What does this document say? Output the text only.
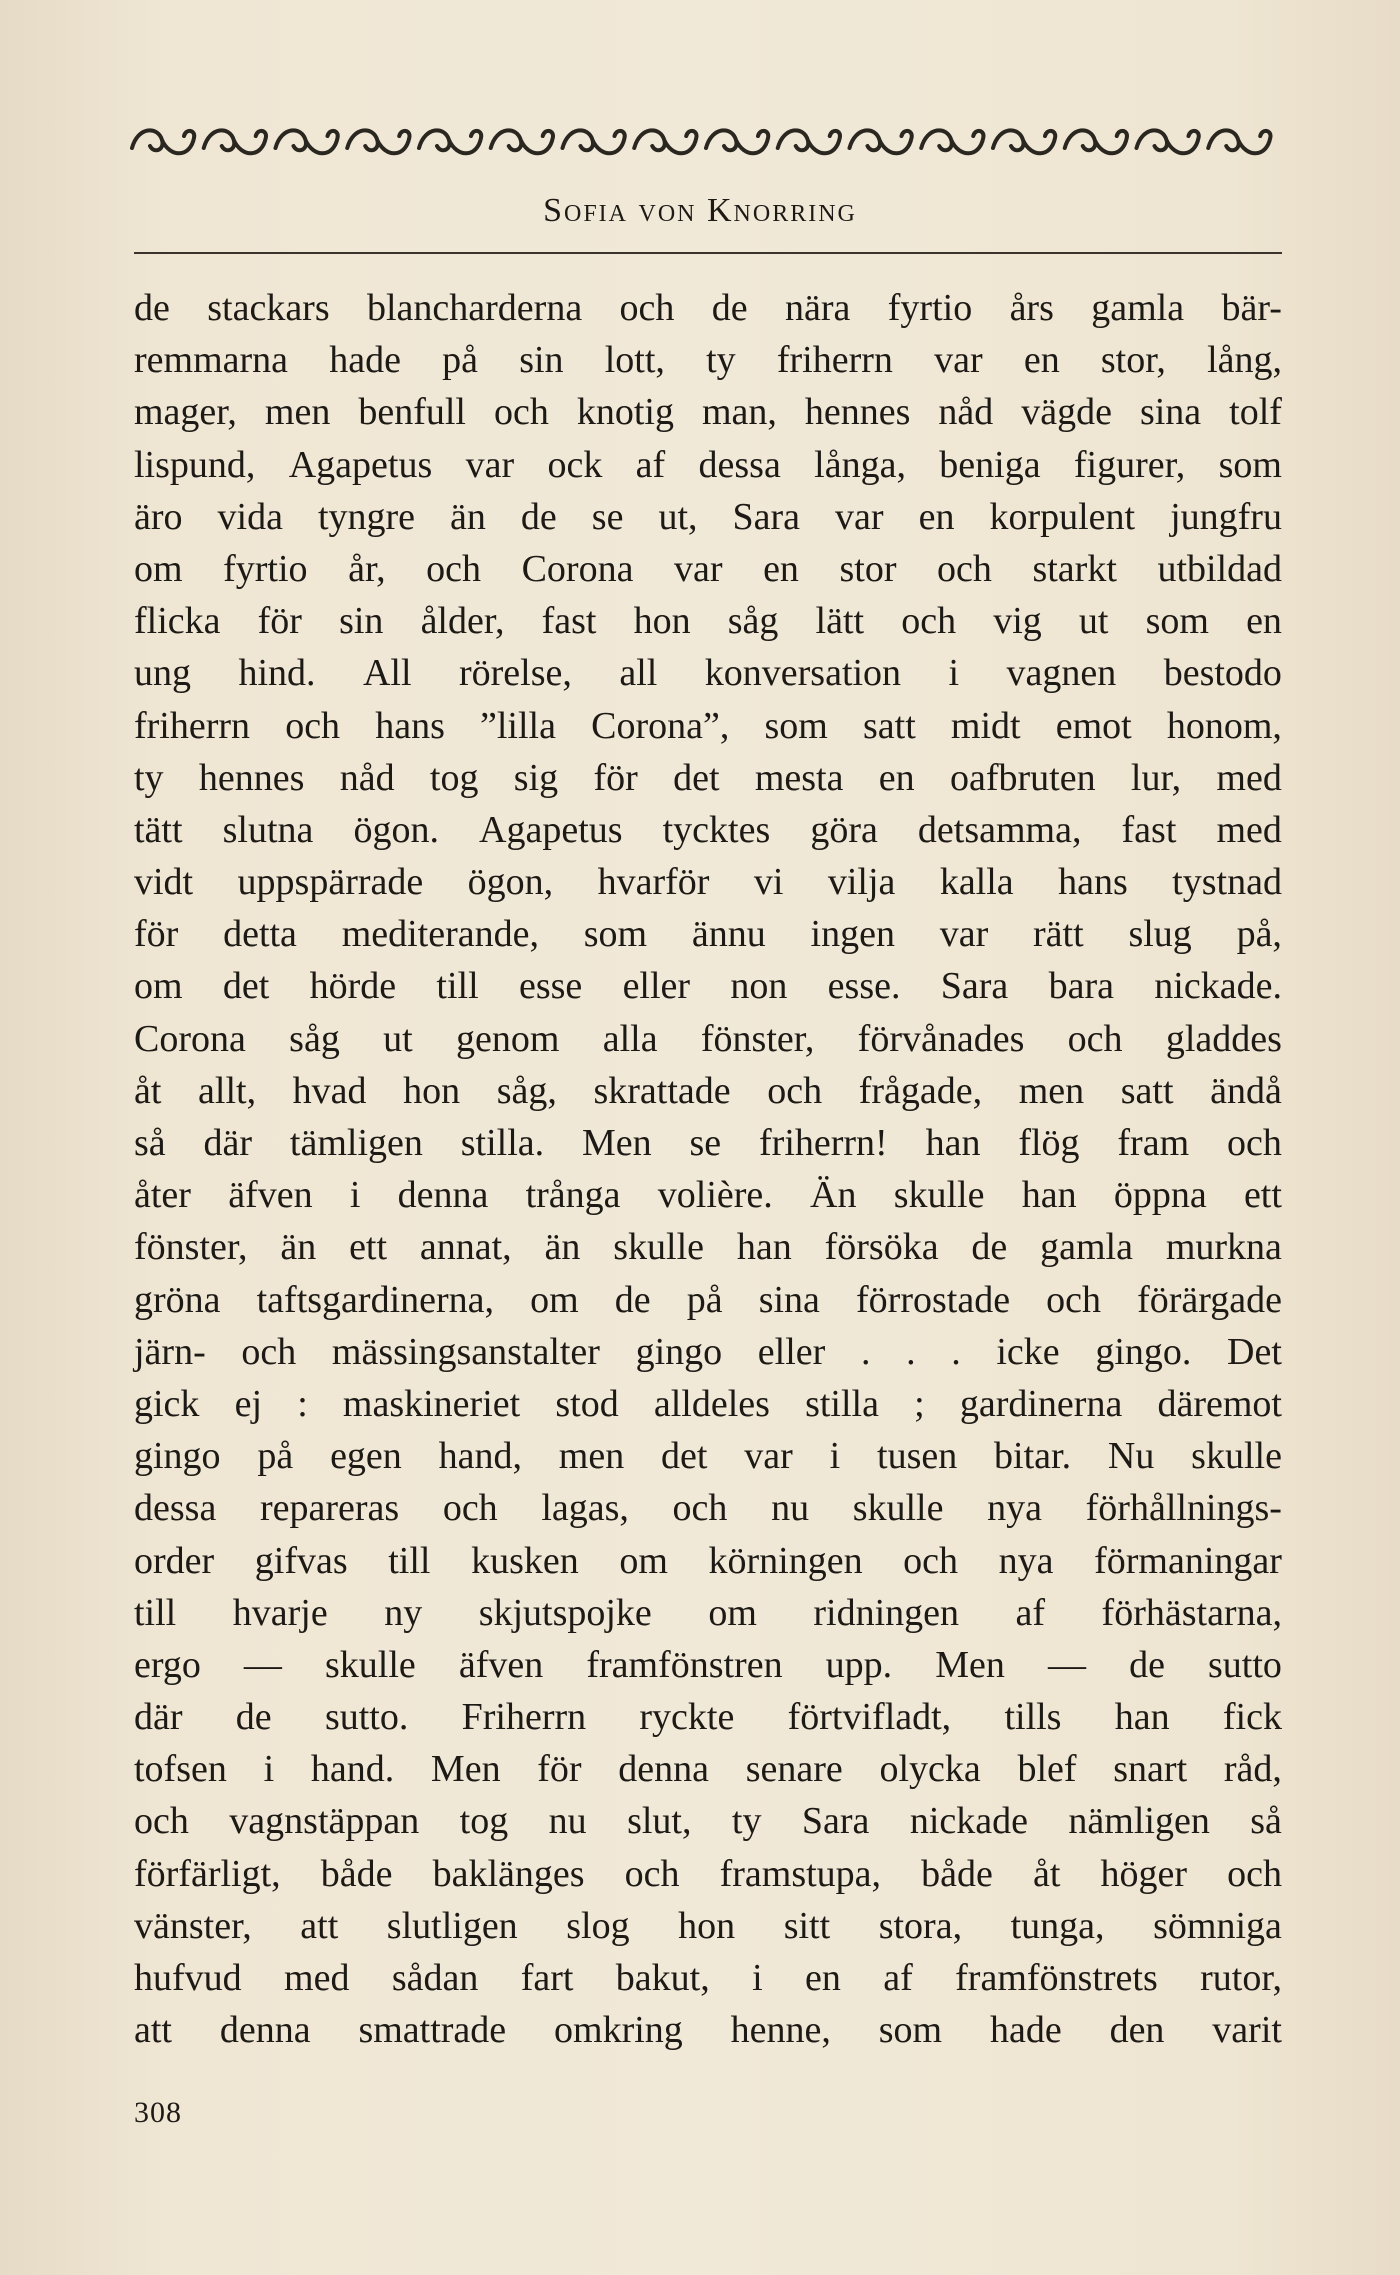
Sofia von Knorring
de stackars blancharderna och de nära fyrtio års gamla bär-
remmarna hade på sin lott, ty friherrn var en stor, lång,
mager, men benfull och knotig man, hennes nåd vägde sina tolf
lispund, Agapetus var ock af dessa långa, beniga figurer, som
äro vida tyngre än de se ut, Sara var en korpulent jungfru
om fyrtio år, och Corona var en stor och starkt utbildad
flicka för sin ålder, fast hon såg lätt och vig ut som en
ung hind. All rörelse, all konversation i vagnen bestodo
friherrn och hans ”lilla Corona”, som satt midt emot honom,
ty hennes nåd tog sig för det mesta en oafbruten lur, med
tätt slutna ögon. Agapetus tycktes göra detsamma, fast med
vidt uppspärrade ögon, hvarför vi vilja kalla hans tystnad
för detta mediterande, som ännu ingen var rätt slug på,
om det hörde till esse eller non esse. Sara bara nickade.
Corona såg ut genom alla fönster, förvånades och gladdes
åt allt, hvad hon såg, skrattade och frågade, men satt ändå
så där tämligen stilla. Men se friherrn! han flög fram och
åter äfven i denna trånga volière. Än skulle han öppna ett
fönster, än ett annat, än skulle han försöka de gamla murkna
gröna taftsgardinerna, om de på sina förrostade och förärgade
järn- och mässingsanstalter gingo eller . . . icke gingo. Det
gick ej : maskineriet stod alldeles stilla ; gardinerna däremot
gingo på egen hand, men det var i tusen bitar. Nu skulle
dessa repareras och lagas, och nu skulle nya förhållnings-
order gifvas till kusken om körningen och nya förmaningar
till hvarje ny skjutspojke om ridningen af förhästarna,
ergo — skulle äfven framfönstren upp. Men — de sutto
där de sutto. Friherrn ryckte förtvifladt, tills han fick
tofsen i hand. Men för denna senare olycka blef snart råd,
och vagnstäppan tog nu slut, ty Sara nickade nämligen så
förfärligt, både baklänges och framstupa, både åt höger och
vänster, att slutligen slog hon sitt stora, tunga, sömniga
hufvud med sådan fart bakut, i en af framfönstrets rutor,
att denna smattrade omkring henne, som hade den varit
308
